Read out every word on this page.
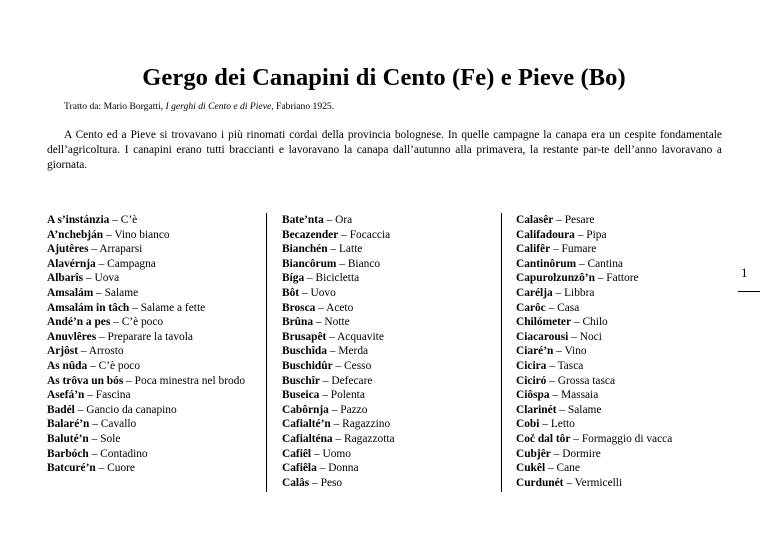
Gergo dei Canapini di Cento (Fe) e Pieve (Bo)
Tratto da: Mario Borgatti, I gerghi di Cento e di Pieve, Fabriano 1925.

A Cento ed a Pieve si trovavano i più rinomati cordai della provincia bolognese. In quelle campagne la canapa era un cespite fondamentale dell’agricoltura. I canapini erano tutti braccianti e lavoravano la canapa dall’autunno alla primavera, la restante par-te dell’anno lavoravano a giornata.

A s’instánzia – C’è
A’nchebján – Vino bianco
Ajutêres – Arraparsi
Alavérnja – Campagna
Albarîs – Uova
Amsalám – Salame
Amsalám in tâch – Salame a fette
Andé’n a pes – C’è poco
Anuvlêres – Preparare la tavola
Arjôst – Arrosto
As nûda – C’è poco
As trôva un bós – Poca minestra nel brodo
Asefá’n – Fascina
Badél – Gancio da canapino
Balaré’n – Cavallo
Baluté’n – Sole
Barbóch – Contadino
Batcuré’n – Cuore
Bate’nta – Ora
Becazender – Focaccia
Bianchén – Latte
Biancôrum – Bianco
Bíga – Bicicletta
Bôt – Uovo
Brosca – Aceto
Brûna – Notte
Brusapêt – Acquavite
Buschîda – Merda
Buschidûr – Cesso
Buschîr – Defecare
Buseica – Polenta
Cabôrnja – Pazzo
Cafialté’n – Ragazzino
Cafialténa – Ragazzotta
Cafiêl – Uomo
Cafiêla – Donna
Calâs – Peso
Calasêr – Pesare
Califadoura – Pipa
Califêr – Fumare
Cantinôrum – Cantina
Capurolzunzô’n – Fattore
Carélja – Libbra
Carôc – Casa
Chilómeter – Chilo
Ciacarousi – Noci
Ciaré’n – Vino
Cicira – Tasca
Ciciró – Grossa tasca
Ciôspa – Massaia
Clarinét – Salame
Cobi – Letto
Coč dal tôr – Formaggio di vacca
Cubjêr – Dormire
Cukêl – Cane
Curdunét – Vermicelli
1
